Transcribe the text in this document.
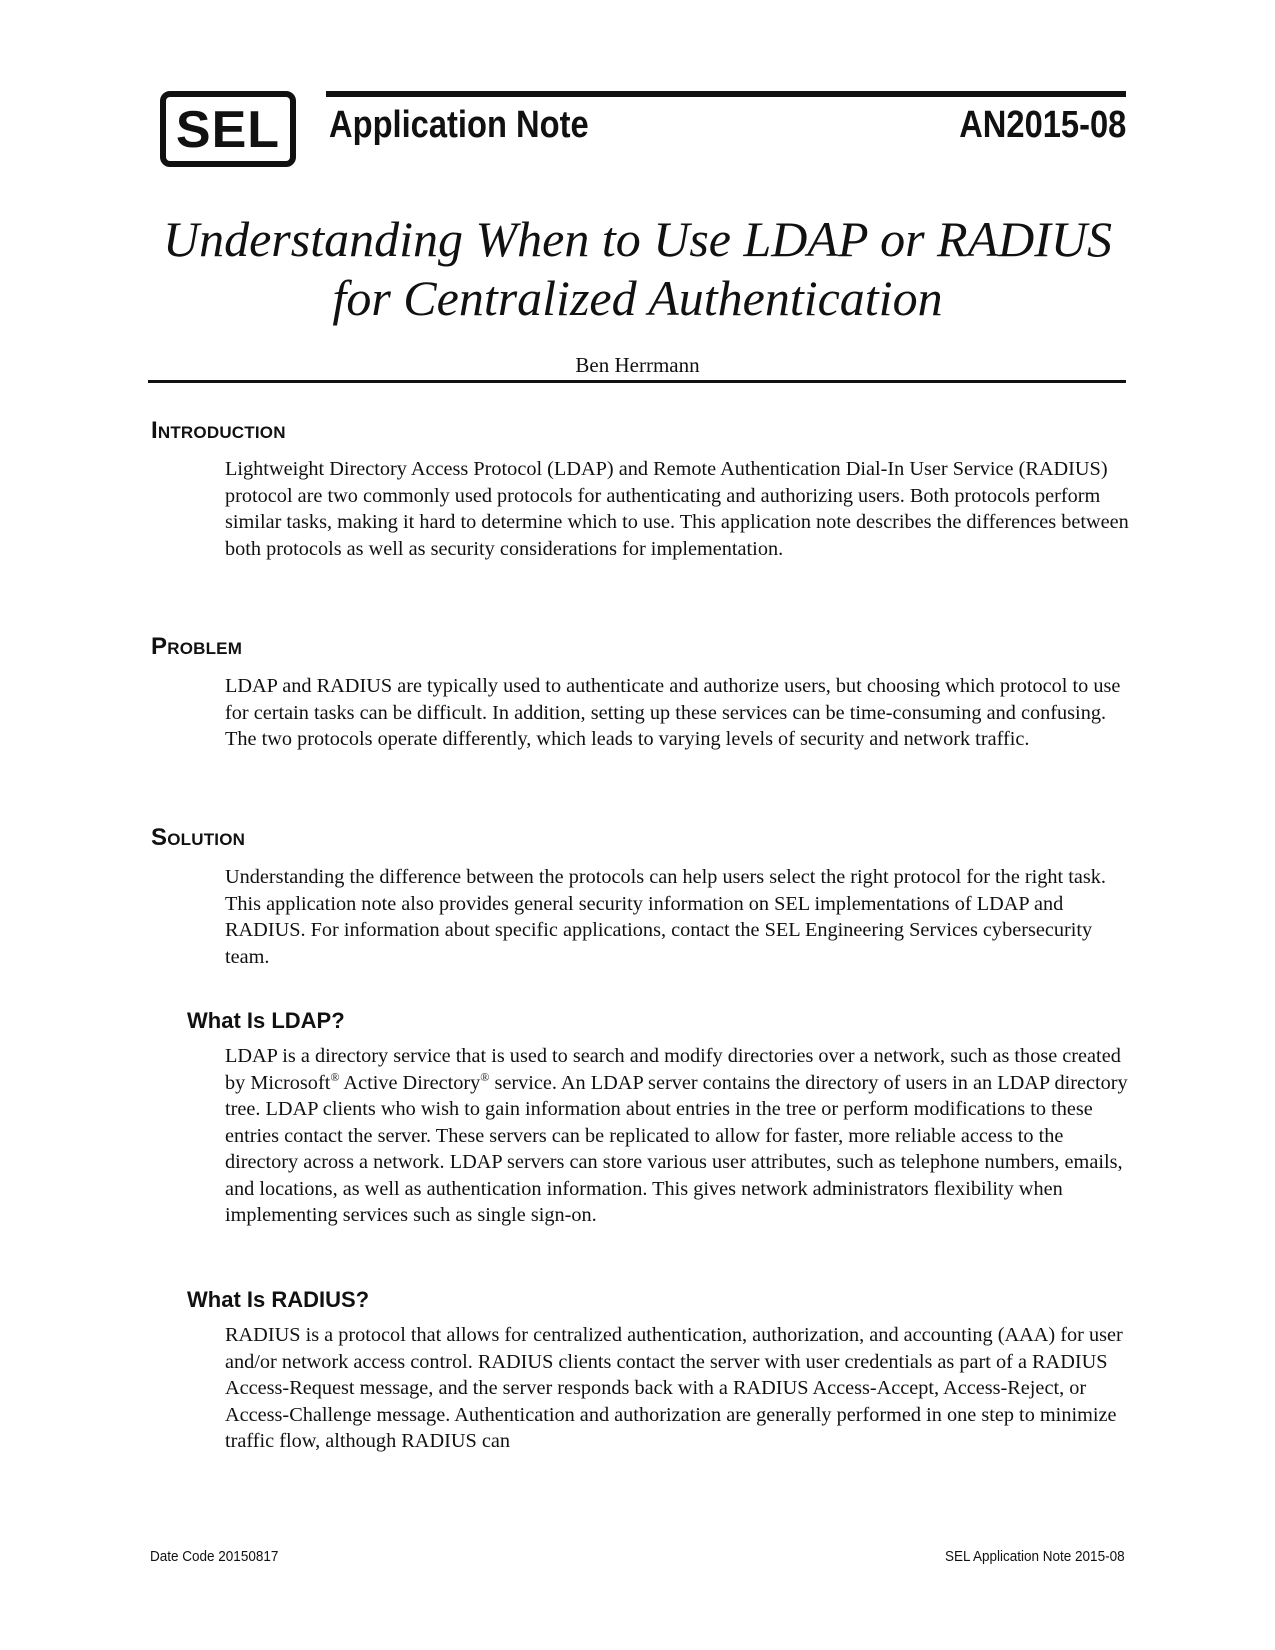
SEL Application Note	AN2015-08
Understanding When to Use LDAP or RADIUS
for Centralized Authentication
Ben Herrmann
INTRODUCTION

Lightweight Directory Access Protocol (LDAP) and Remote Authentication Dial-In User Service (RADIUS) protocol are two commonly used protocols for authenticating and authorizing users. Both protocols perform similar tasks, making it hard to determine which to use. This application note describes the differences between both protocols as well as security considerations for implementation.

PROBLEM

LDAP and RADIUS are typically used to authenticate and authorize users, but choosing which protocol to use for certain tasks can be difficult. In addition, setting up these services can be time-consuming and confusing. The two protocols operate differently, which leads to varying levels of security and network traffic.

SOLUTION

Understanding the difference between the protocols can help users select the right protocol for the right task. This application note also provides general security information on SEL implementations of LDAP and RADIUS. For information about specific applications, contact the SEL Engineering Services cybersecurity team.

What Is LDAP?

LDAP is a directory service that is used to search and modify directories over a network, such as those created by Microsoft® Active Directory® service. An LDAP server contains the directory of users in an LDAP directory tree. LDAP clients who wish to gain information about entries in the tree or perform modifications to these entries contact the server. These servers can be replicated to allow for faster, more reliable access to the directory across a network. LDAP servers can store various user attributes, such as telephone numbers, emails, and locations, as well as authentication information. This gives network administrators flexibility when implementing services such as single sign-on.

What Is RADIUS?

RADIUS is a protocol that allows for centralized authentication, authorization, and accounting (AAA) for user and/or network access control. RADIUS clients contact the server with user credentials as part of a RADIUS Access-Request message, and the server responds back with a RADIUS Access-Accept, Access-Reject, or Access-Challenge message. Authentication and authorization are generally performed in one step to minimize traffic flow, although RADIUS can

Date Code 20150817	SEL Application Note 2015-08
